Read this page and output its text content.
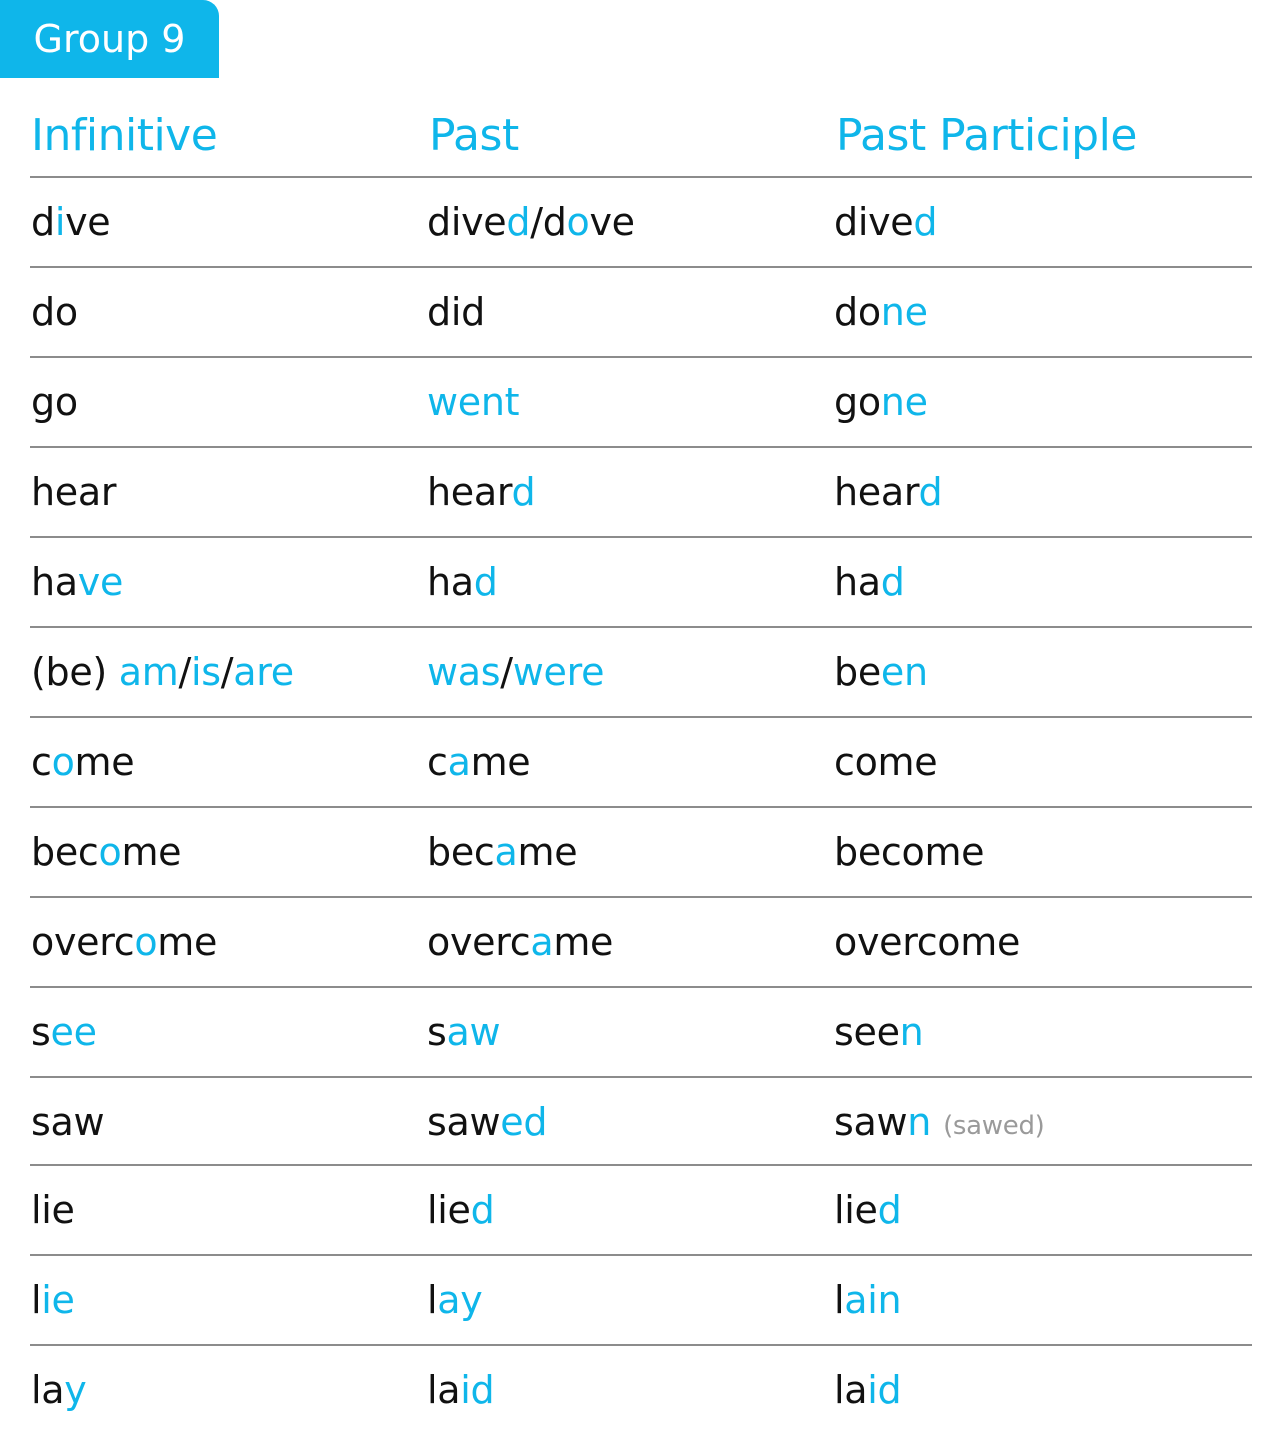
Group 9
Infinitive	Past	Past Participle
dive	dived/dove	dived
do	did	done
go	went	gone
hear	heard	heard
have	had	had
(be) am/is/are	was/were	been
come	came	come
become	became	become
overcome	overcame	overcome
see	saw	seen
saw	sawed	sawn (sawed)
lie	lied	lied
lie	lay	lain
lay	laid	laid
